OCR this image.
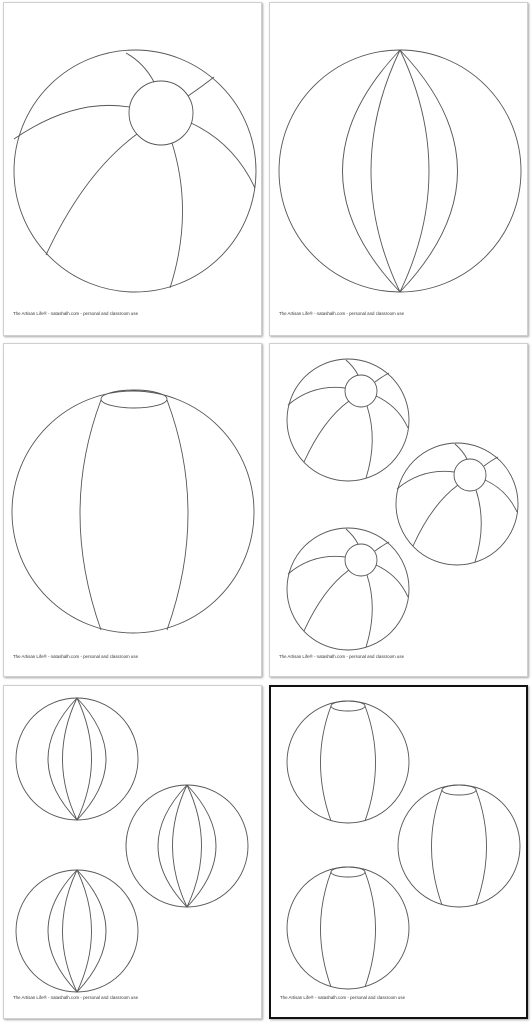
The Artisan Life® - natashalh.com - personal and classroom use	The Artisan Life® - natashalh.com - personal and classroom use
The Artisan Life® - natashalh.com - personal and classroom use	The Artisan Life® - natashalh.com - personal and classroom use
The Artisan Life® - natashalh.com - personal and classroom use	The Artisan Life® - natashalh.com - personal and classroom use
